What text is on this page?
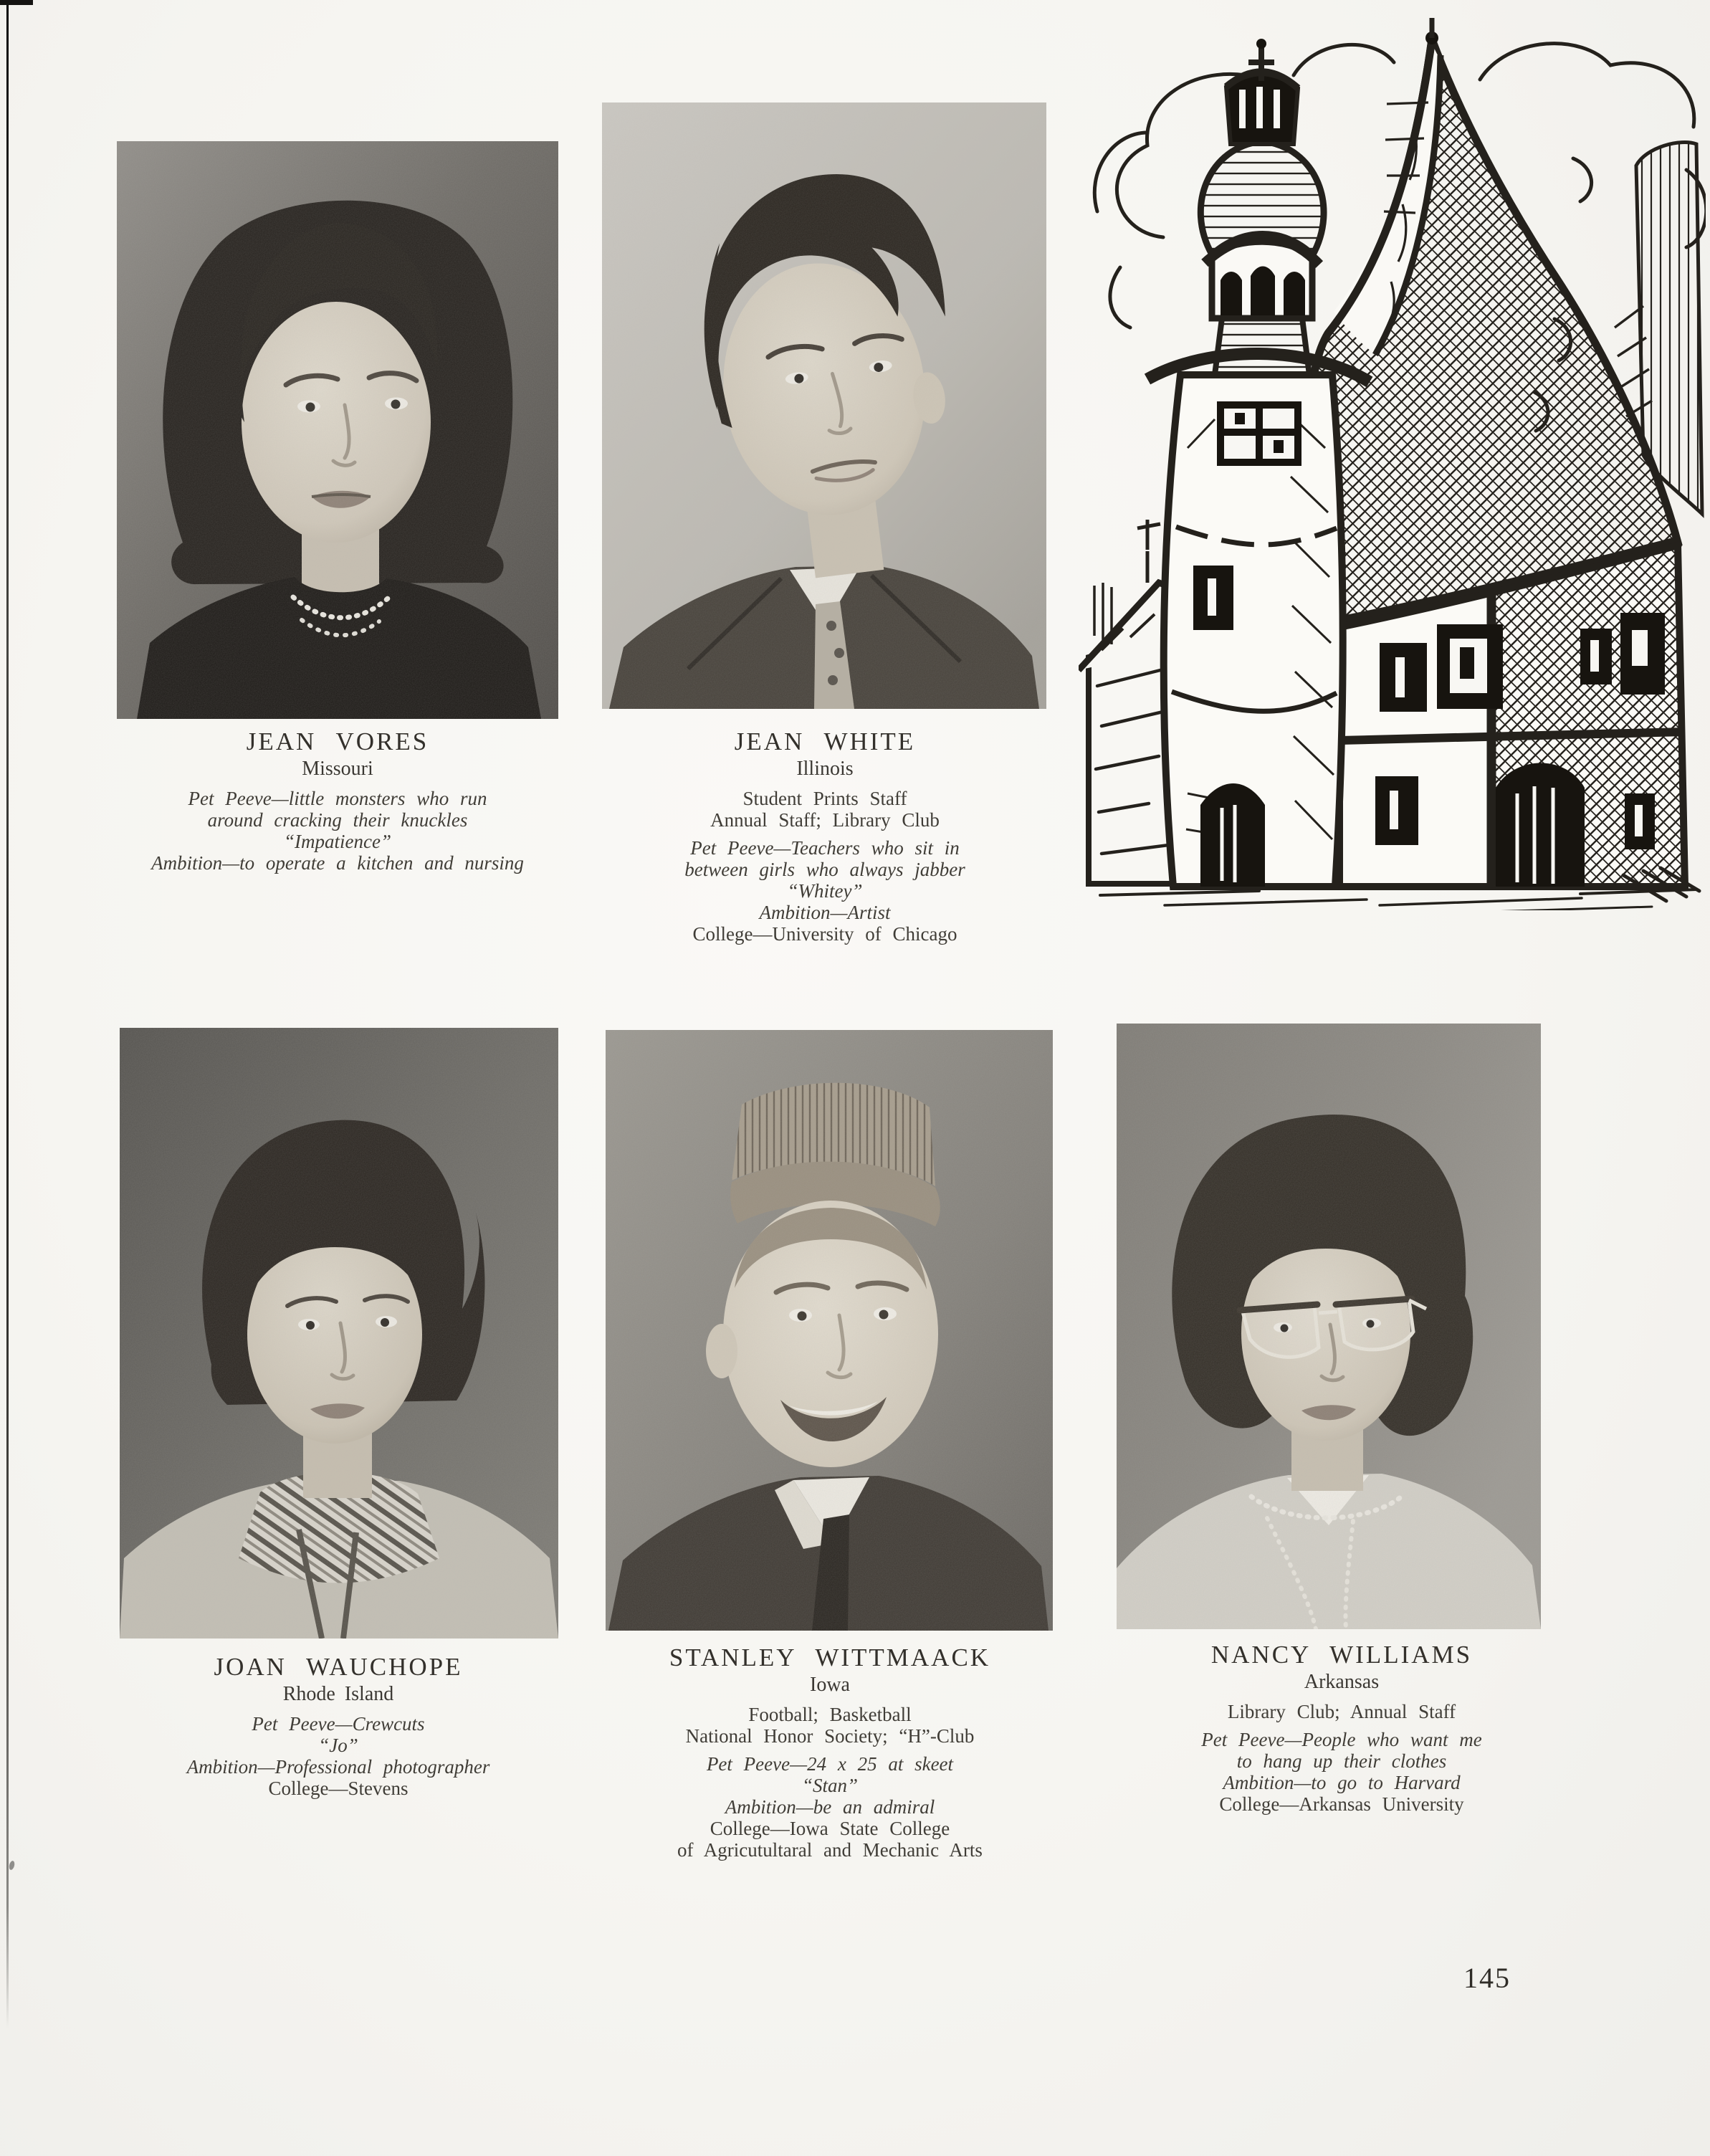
JEAN VORES
Missouri
Pet Peeve—little monsters who run
around cracking their knuckles
“Impatience”
Ambition—to operate a kitchen and nursing
JEAN WHITE
Illinois
Student Prints Staff
Annual Staff; Library Club
Pet Peeve—Teachers who sit in
between girls who always jabber
“Whitey”
Ambition—Artist
College—University of Chicago
JOAN WAUCHOPE
Rhode Island
Pet Peeve—Crewcuts
“Jo”
Ambition—Professional photographer
College—Stevens
STANLEY WITTMAACK
Iowa
Football; Basketball
National Honor Society; “H”-Club
Pet Peeve—24 x 25 at skeet
“Stan”
Ambition—be an admiral
College—Iowa State College
of Agricutultaral and Mechanic Arts
NANCY WILLIAMS
Arkansas
Library Club; Annual Staff
Pet Peeve—People who want me
to hang up their clothes
Ambition—to go to Harvard
College—Arkansas University
145
